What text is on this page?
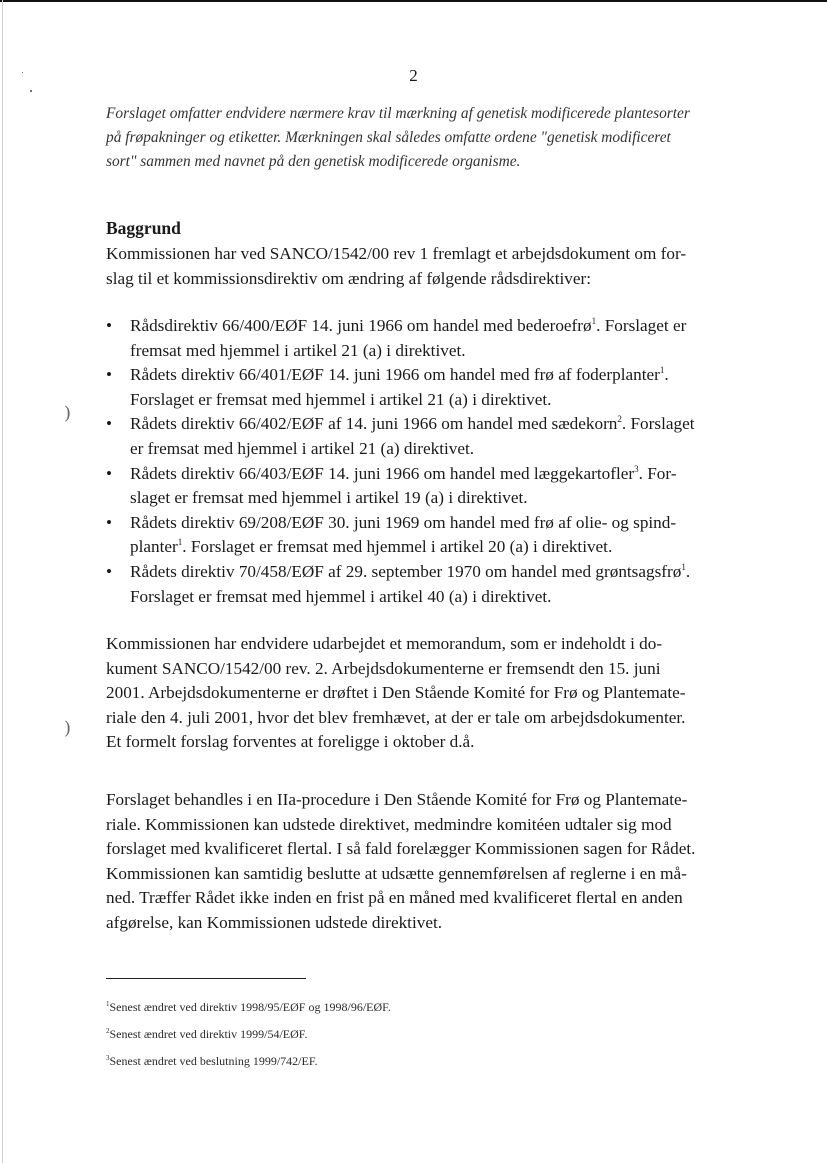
)
)
2

Forslaget omfatter endvidere nærmere krav til mærkning af genetisk modificerede plantesorter
på frøpakninger og etiketter. Mærkningen skal således omfatte ordene "genetisk modificeret
sort" sammen med navnet på den genetisk modificerede organisme.

Baggrund

Kommissionen har ved SANCO/1542/00 rev 1 fremlagt et arbejdsdokument om for-
slag til et kommissionsdirektiv om ændring af følgende rådsdirektiver:

• Rådsdirektiv 66/400/EØF 14. juni 1966 om handel med bederoefrø$^1$. Forslaget er
fremsat med hjemmel i artikel 21 (a) i direktivet.
• Rådets direktiv 66/401/EØF 14. juni 1966 om handel med frø af foderplanter$^1$.
Forslaget er fremsat med hjemmel i artikel 21 (a) i direktivet.
• Rådets direktiv 66/402/EØF af 14. juni 1966 om handel med sædekorn$^2$. Forslaget
er fremsat med hjemmel i artikel 21 (a) direktivet.
• Rådets direktiv 66/403/EØF 14. juni 1966 om handel med læggekartofler$^3$. For-
slaget er fremsat med hjemmel i artikel 19 (a) i direktivet.
• Rådets direktiv 69/208/EØF 30. juni 1969 om handel med frø af olie- og spind-
planter$^1$. Forslaget er fremsat med hjemmel i artikel 20 (a) i direktivet.
• Rådets direktiv 70/458/EØF af 29. september 1970 om handel med grøntsagsfrø$^1$.
Forslaget er fremsat med hjemmel i artikel 40 (a) i direktivet.

Kommissionen har endvidere udarbejdet et memorandum, som er indeholdt i do-
kument SANCO/1542/00 rev. 2. Arbejdsdokumenterne er fremsendt den 15. juni
2001. Arbejdsdokumenterne er drøftet i Den Stående Komité for Frø og Plantemate-
riale den 4. juli 2001, hvor det blev fremhævet, at der er tale om arbejdsdokumenter.
Et formelt forslag forventes at foreligge i oktober d.å.

Forslaget behandles i en IIa-procedure i Den Stående Komité for Frø og Plantemate-
riale. Kommissionen kan udstede direktivet, medmindre komitéen udtaler sig mod
forslaget med kvalificeret flertal. I så fald forelægger Kommissionen sagen for Rådet.
Kommissionen kan samtidig beslutte at udsætte gennemførelsen af reglerne i en må-
ned. Træffer Rådet ikke inden en frist på en måned med kvalificeret flertal en anden
afgørelse, kan Kommissionen udstede direktivet.

$^1$Senest ændret ved direktiv 1998/95/EØF og 1998/96/EØF.
$^2$Senest ændret ved direktiv 1999/54/EØF.
$^3$Senest ændret ved beslutning 1999/742/EF.
